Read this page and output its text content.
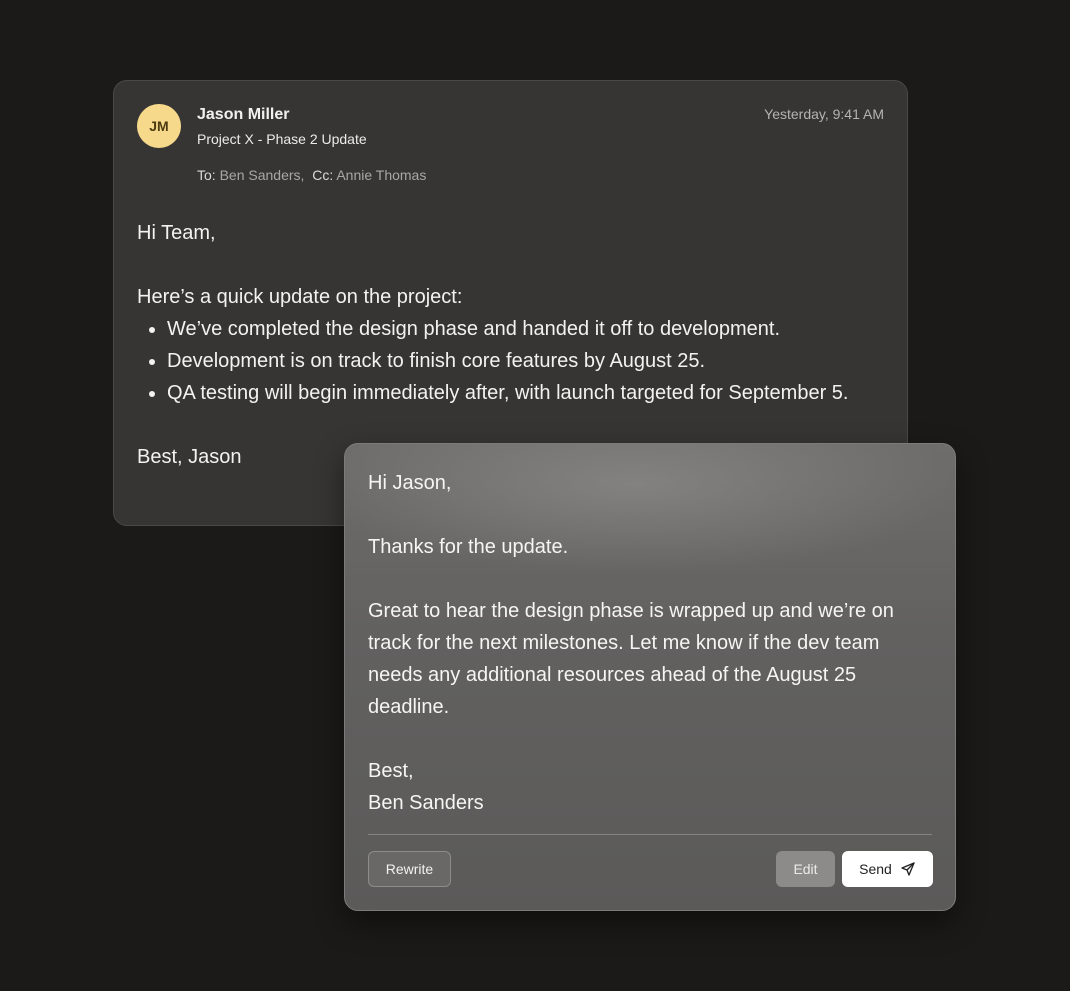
JM
Jason Miller
Project X - Phase 2 Update
Yesterday, 9:41 AM
To: Ben Sanders, Cc: Annie Thomas

Hi Team,

Here’s a quick update on the project:

• We’ve completed the design phase and handed it off to development.
• Development is on track to finish core features by August 25.
• QA testing will begin immediately after, with launch targeted for September 5.

Best, Jason

Hi Jason,

Thanks for the update.

Great to hear the design phase is wrapped up and we’re on track for the next milestones. Let me know if the dev team needs any additional resources ahead of the August 25 deadline.

Best,

Ben Sanders

Rewrite	Edit	Send
